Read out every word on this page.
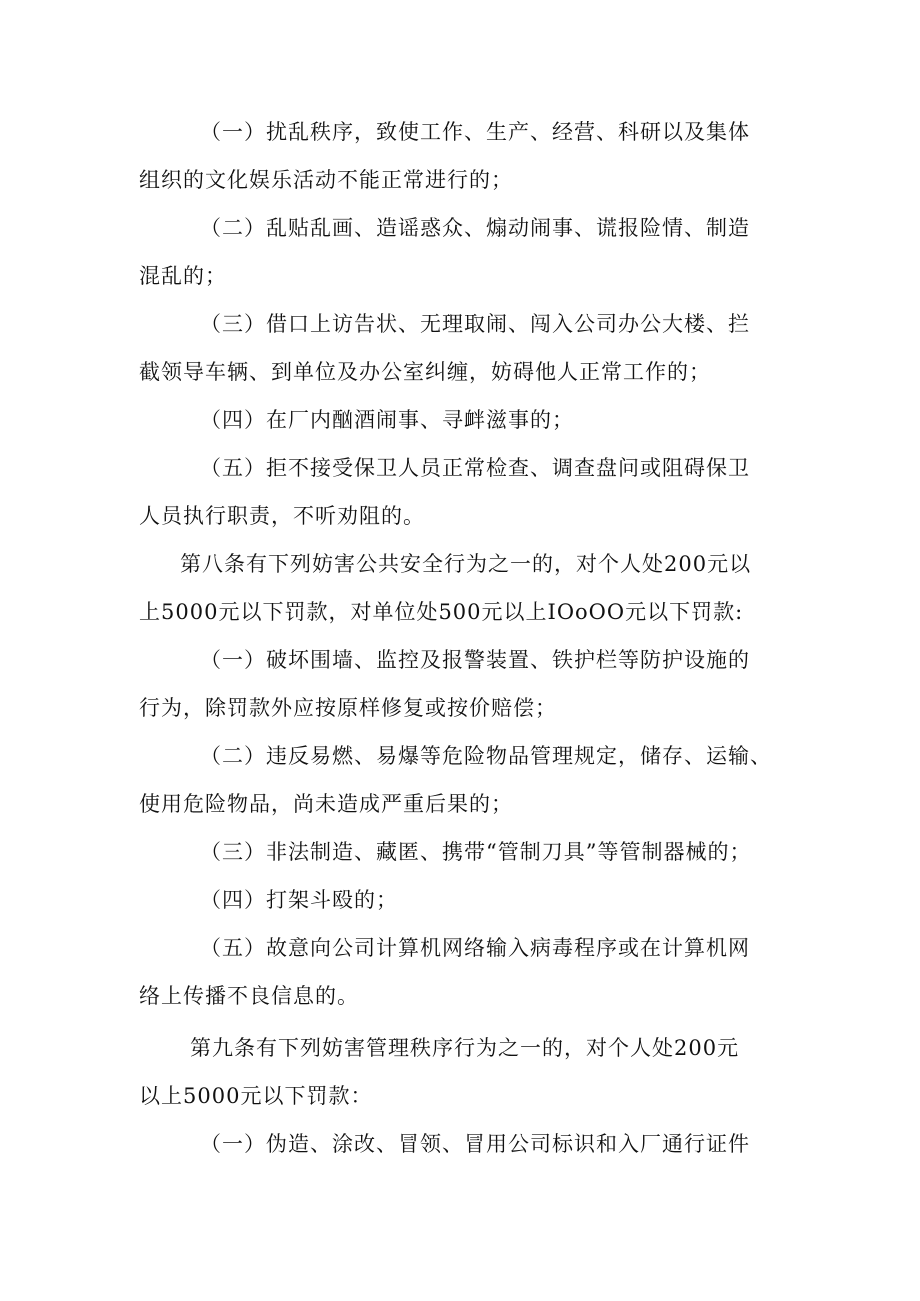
（一）扰乱秩序，致使工作、生产、经营、科研以及集体
组织的文化娱乐活动不能正常进行的；
（二）乱贴乱画、造谣惑众、煽动闹事、谎报险情、制造
混乱的；
（三）借口上访告状、无理取闹、闯入公司办公大楼、拦
截领导车辆、到单位及办公室纠缠，妨碍他人正常工作的；
（四）在厂内酗酒闹事、寻衅滋事的；
（五）拒不接受保卫人员正常检查、调查盘问或阻碍保卫
人员执行职责，不听劝阻的。
第八条有下列妨害公共安全行为之一的，对个人处200元以
上5000元以下罚款，对单位处500元以上IOoOO元以下罚款:
（一）破坏围墙、监控及报警装置、铁护栏等防护设施的
行为，除罚款外应按原样修复或按价赔偿；
（二）违反易燃、易爆等危险物品管理规定，储存、运输、
使用危险物品，尚未造成严重后果的；
（三）非法制造、藏匿、携带“管制刀具”等管制器械的；
（四）打架斗殴的；
（五）故意向公司计算机网络输入病毒程序或在计算机网
络上传播不良信息的。
第九条有下列妨害管理秩序行为之一的，对个人处200元
以上5000元以下罚款：
（一）伪造、涂改、冒领、冒用公司标识和入厂通行证件
